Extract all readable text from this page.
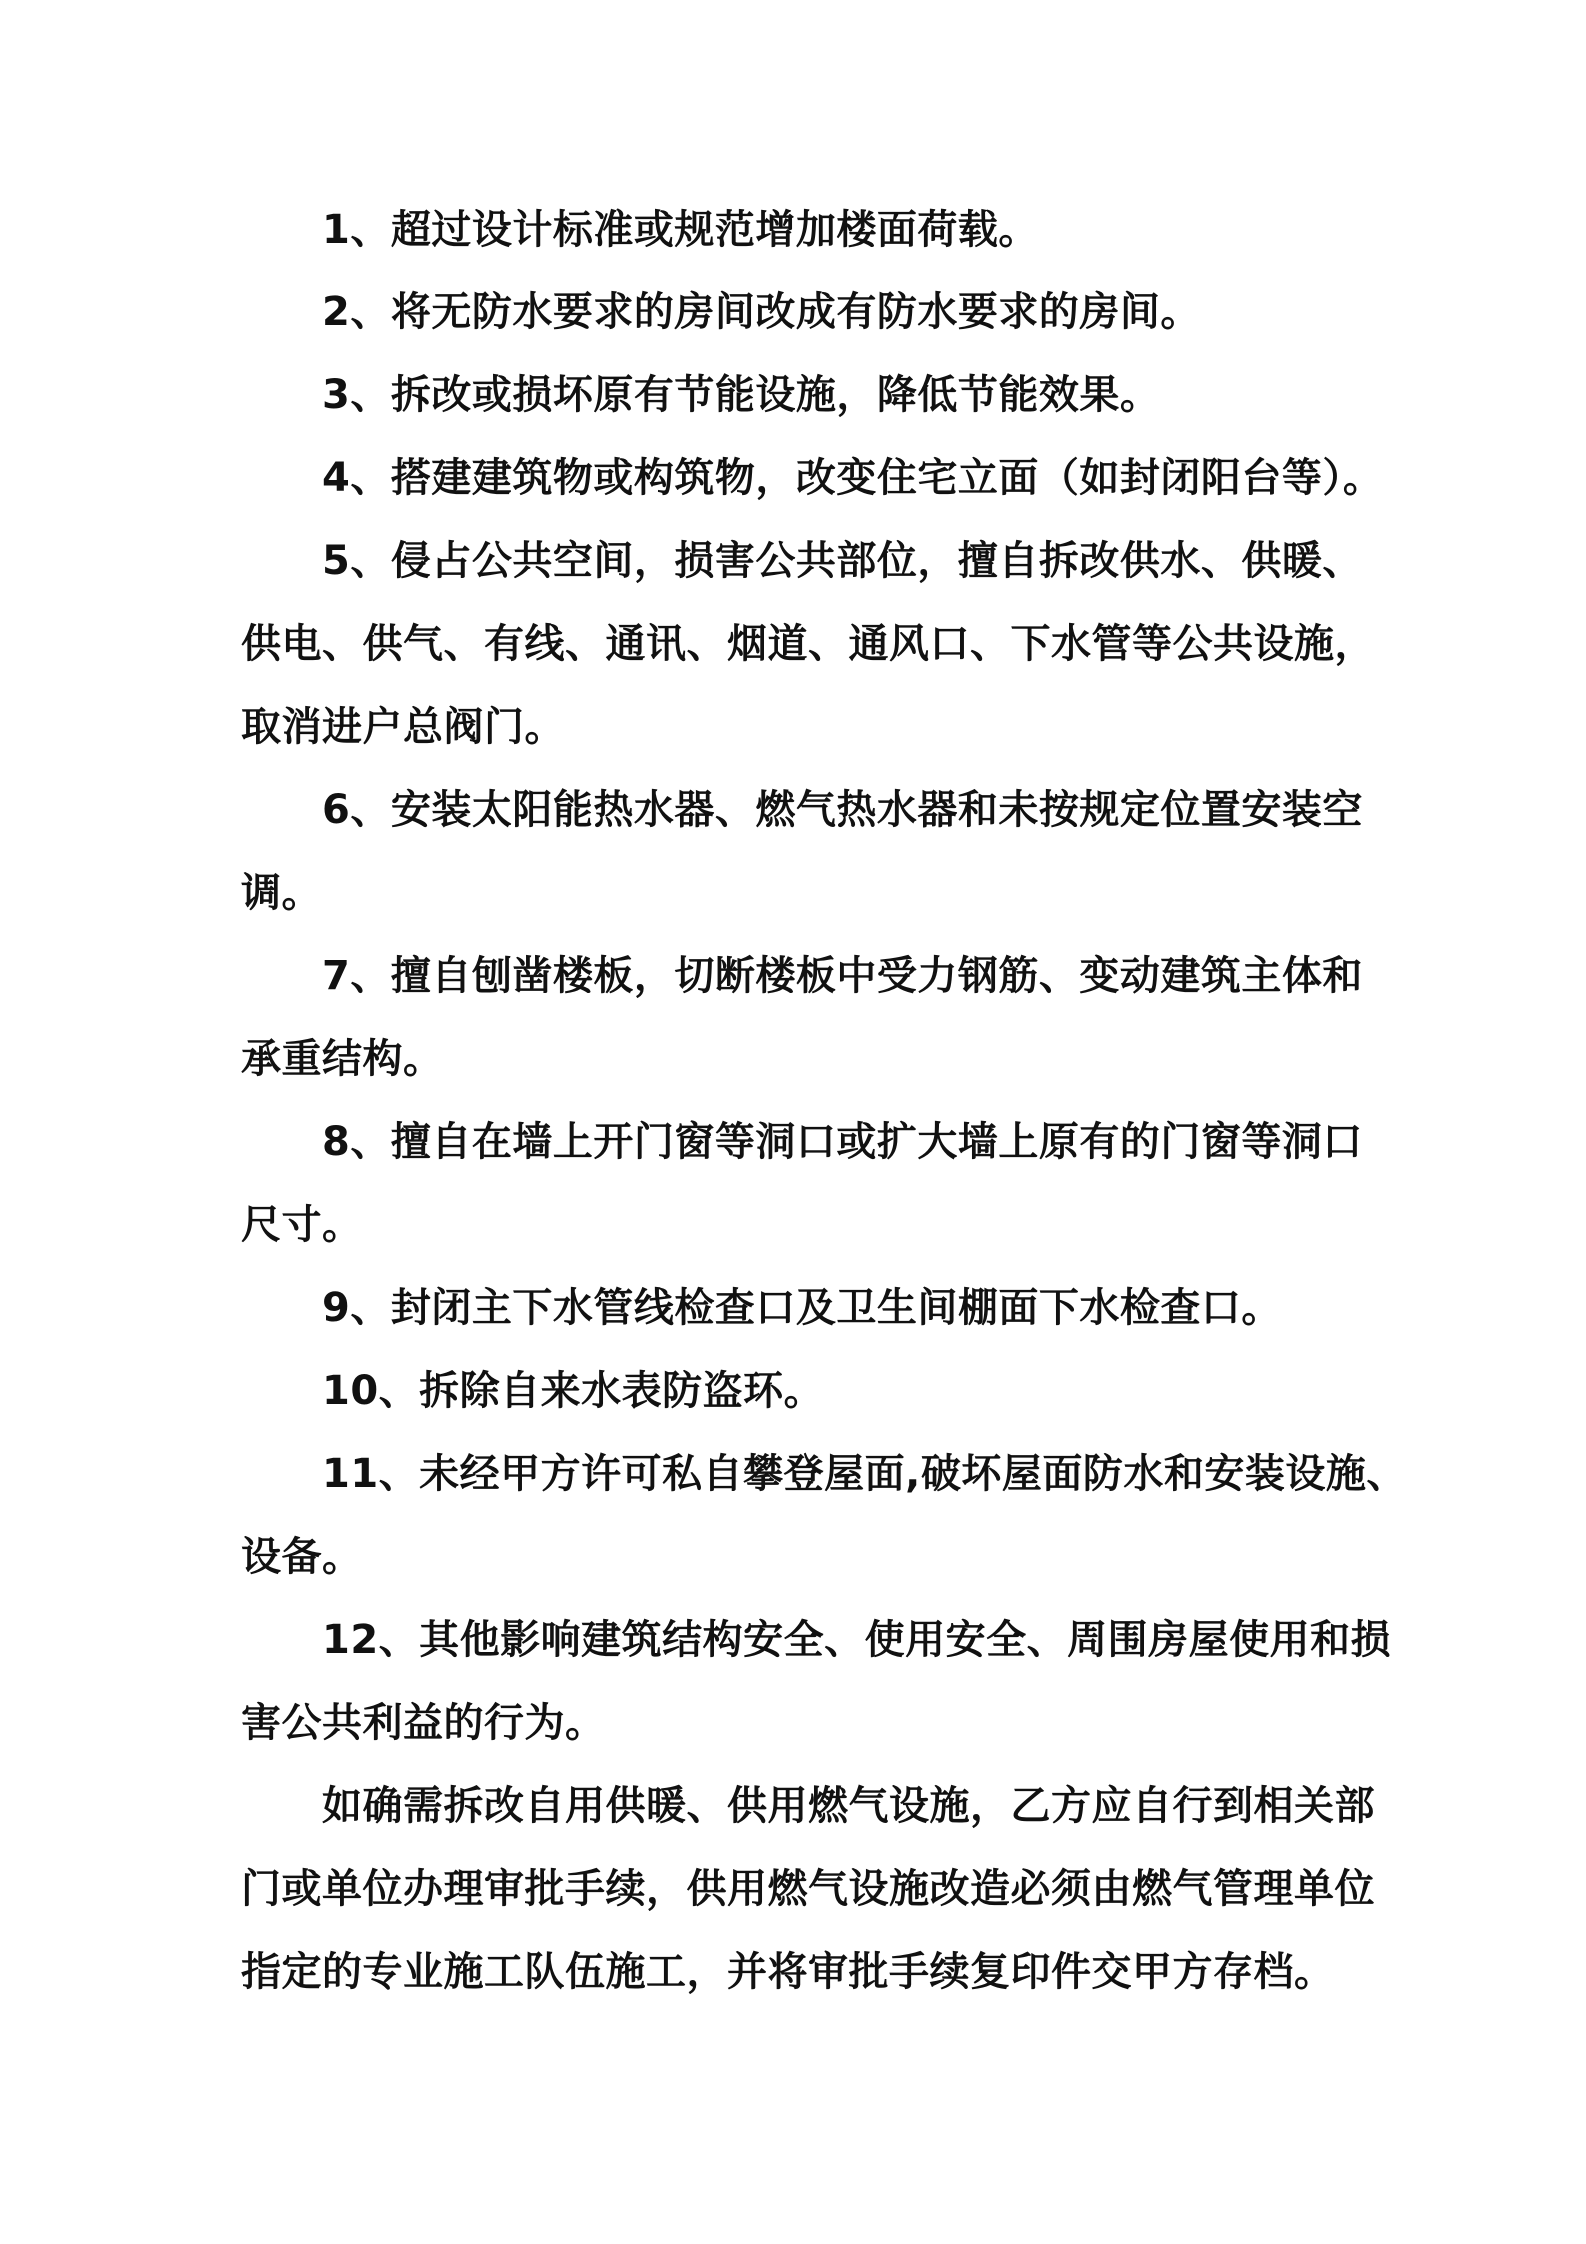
1、超过设计标准或规范增加楼面荷载。

2、将无防水要求的房间改成有防水要求的房间。

3、拆改或损坏原有节能设施，降低节能效果。

4、搭建建筑物或构筑物，改变住宅立面（如封闭阳台等）。

5、侵占公共空间，损害公共部位，擅自拆改供水、供暖、

供电、供气、有线、通讯、烟道、通风口、下水管等公共设施，

取消进户总阀门。

6、安装太阳能热水器、燃气热水器和未按规定位置安装空

调。

7、擅自刨凿楼板，切断楼板中受力钢筋、变动建筑主体和

承重结构。

8、擅自在墙上开门窗等洞口或扩大墙上原有的门窗等洞口

尺寸。

9、封闭主下水管线检查口及卫生间棚面下水检查口。

10、拆除自来水表防盗环。

11、未经甲方许可私自攀登屋面,破坏屋面防水和安装设施、

设备。

12、其他影响建筑结构安全、使用安全、周围房屋使用和损

害公共利益的行为。

如确需拆改自用供暖、供用燃气设施，乙方应自行到相关部

门或单位办理审批手续，供用燃气设施改造必须由燃气管理单位

指定的专业施工队伍施工，并将审批手续复印件交甲方存档。
